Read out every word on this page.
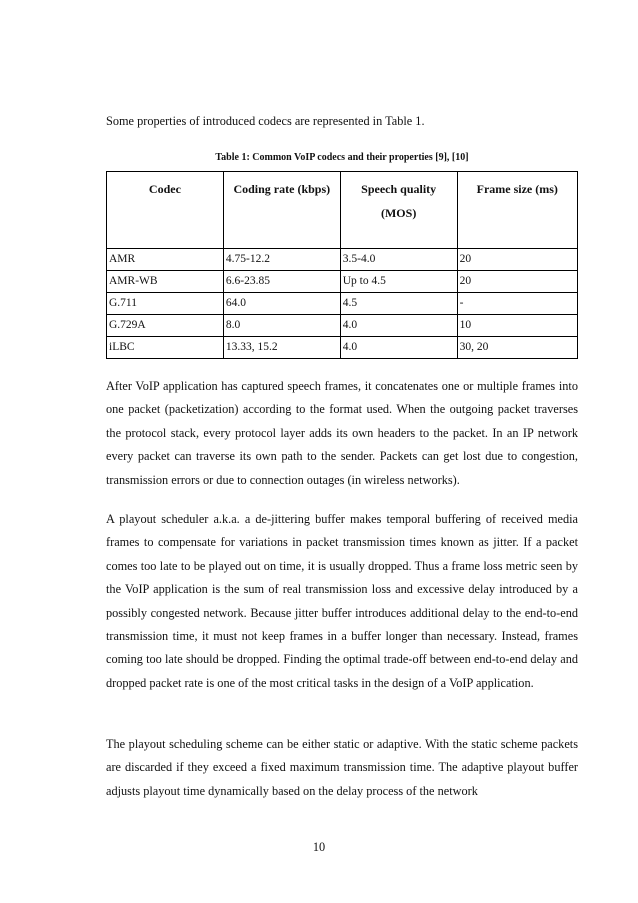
Some properties of introduced codecs are represented in Table 1.
Table 1: Common VoIP codecs and their properties [9], [10]
Codec	Coding rate (kbps)	Speech quality (MOS)	Frame size (ms)
AMR	4.75-12.2	3.5-4.0	20
AMR-WB	6.6-23.85	Up to 4.5	20
G.711	64.0	4.5	-
G.729A	8.0	4.0	10
iLBC	13.33, 15.2	4.0	30, 20
After VoIP application has captured speech frames, it concatenates one or multiple frames into one packet (packetization) according to the format used. When the outgoing packet traverses the protocol stack, every protocol layer adds its own headers to the packet. In an IP network every packet can traverse its own path to the sender. Packets can get lost due to congestion, transmission errors or due to connection outages (in wireless networks).
A playout scheduler a.k.a. a de-jittering buffer makes temporal buffering of received media frames to compensate for variations in packet transmission times known as jitter. If a packet comes too late to be played out on time, it is usually dropped. Thus a frame loss metric seen by the VoIP application is the sum of real transmission loss and excessive delay introduced by a possibly congested network. Because jitter buffer introduces additional delay to the end-to-end transmission time, it must not keep frames in a buffer longer than necessary. Instead, frames coming too late should be dropped. Finding the optimal trade-off between end-to-end delay and dropped packet rate is one of the most critical tasks in the design of a VoIP application.
The playout scheduling scheme can be either static or adaptive. With the static scheme packets are discarded if they exceed a fixed maximum transmission time. The adaptive playout buffer adjusts playout time dynamically based on the delay process of the network
10
